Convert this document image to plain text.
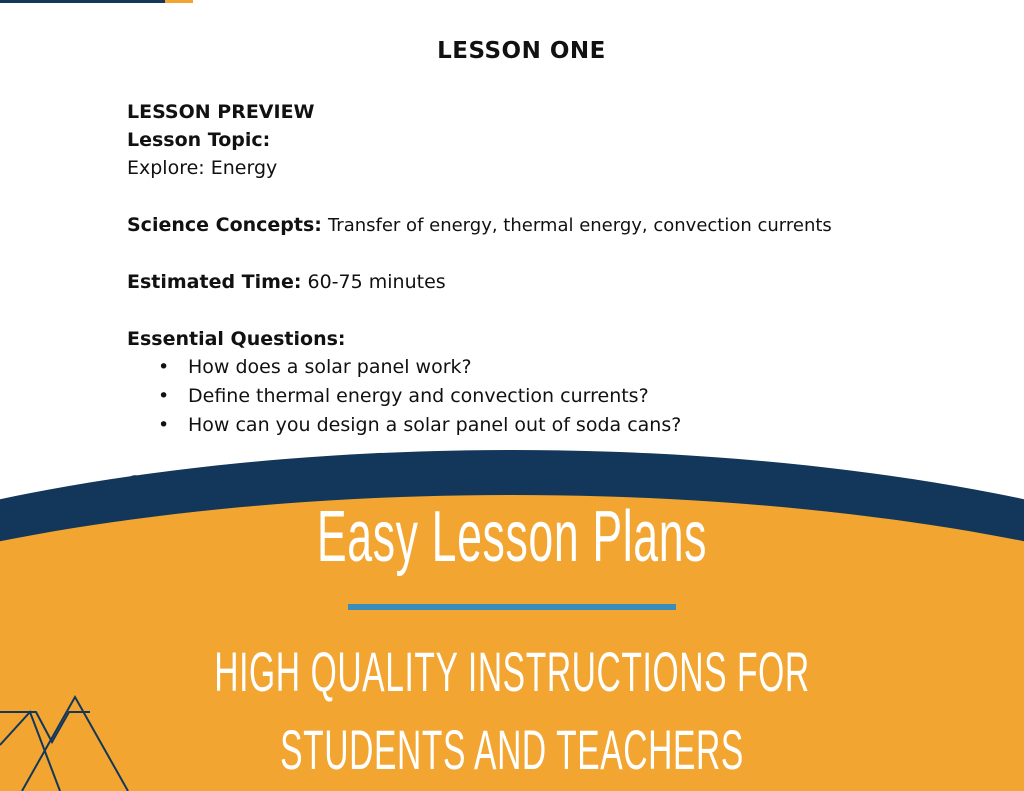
LESSON ONE
LESSON PREVIEW
Lesson Topic:
Explore: Energy
Science Concepts: Transfer of energy, thermal energy, convection currents
Estimated Time: 60-75 minutes
Essential Questions:
• How does a solar panel work?
• Define thermal energy and convection currents?
• How can you design a solar panel out of soda cans?
Easy Lesson Plans
HIGH QUALITY INSTRUCTIONS FOR
STUDENTS AND TEACHERS
